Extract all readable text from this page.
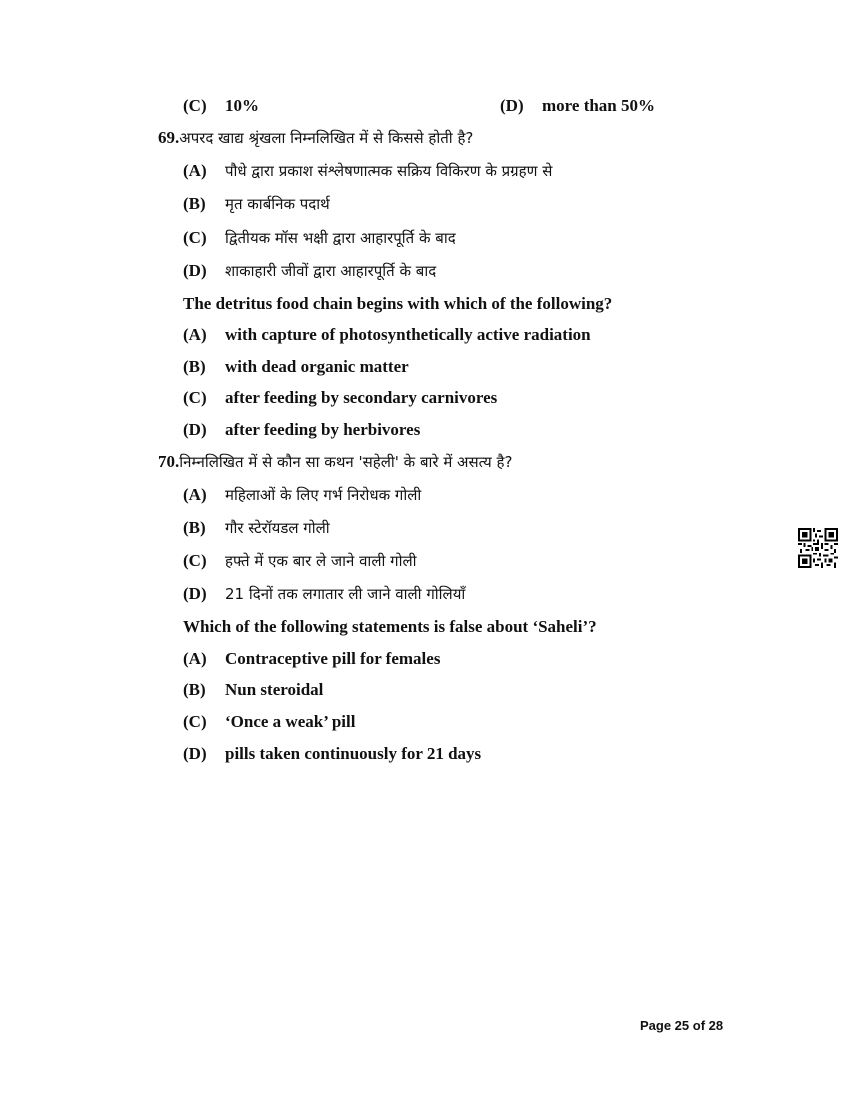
(C) 10%	(D) more than 50%
69.अपरद खाद्य श्रृंखला निम्नलिखित में से किससे होती है?
(A) पौधे द्वारा प्रकाश संश्लेषणात्मक सक्रिय विकिरण के प्रग्रहण से
(B) मृत कार्बनिक पदार्थ
(C) द्वितीयक मॉस भक्षी द्वारा आहारपूर्ति के बाद
(D) शाकाहारी जीवों द्वारा आहारपूर्ति के बाद
The detritus food chain begins with which of the following?
(A) with capture of photosynthetically active radiation
(B) with dead organic matter
(C) after feeding by secondary carnivores
(D) after feeding by herbivores
70.निम्नलिखित में से कौन सा कथन 'सहेली' के बारे में असत्य है?
(A) महिलाओं के लिए गर्भ निरोधक गोली
(B) गौर स्टेरॉयडल गोली
(C) हफ्ते में एक बार ले जाने वाली गोली
(D) 21 दिनों तक लगातार ली जाने वाली गोलियाँ
Which of the following statements is false about ‘Saheli’?
(A) Contraceptive pill for females
(B) Nun steroidal
(C) ‘Once a weak’ pill
(D) pills taken continuously for 21 days
Page 25 of 28
